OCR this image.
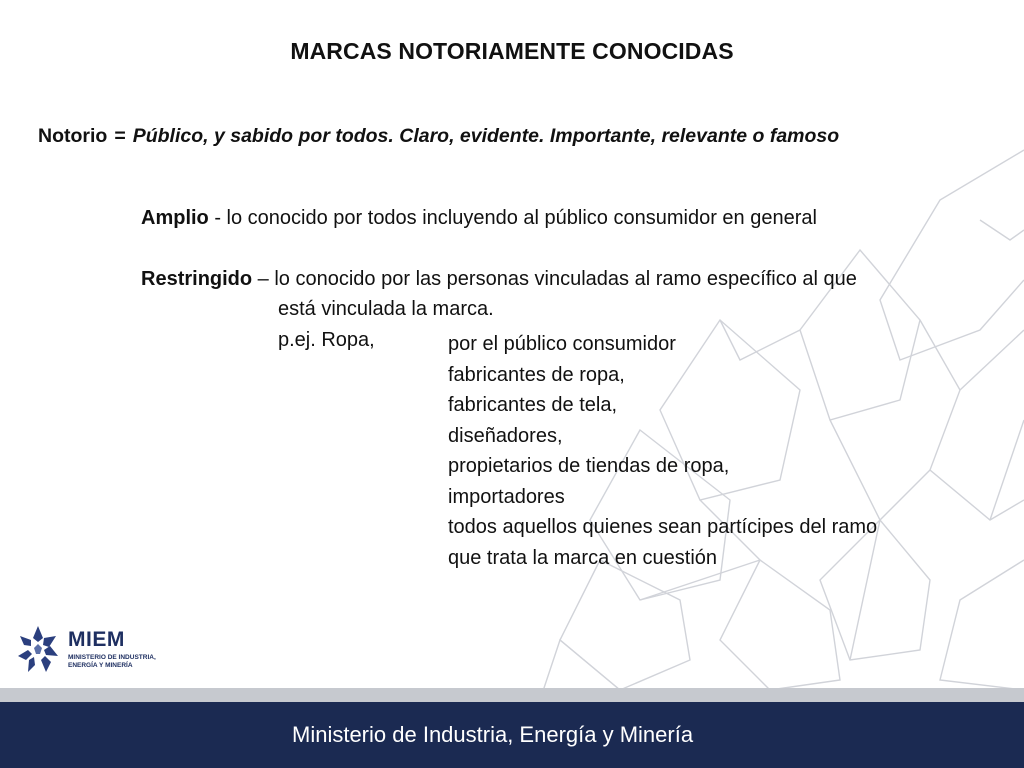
MARCAS NOTORIAMENTE CONOCIDAS
Notorio = Público, y sabido por todos. Claro, evidente. Importante, relevante o famoso
Amplio - lo conocido por todos incluyendo al público consumidor en general
Restringido – lo conocido por las personas vinculadas al ramo específico al que
está vinculada la marca.
p.ej. Ropa,	por el público consumidor
fabricantes de ropa,
fabricantes de tela,
diseñadores,
propietarios de tiendas de ropa,
importadores
todos aquellos quienes sean partícipes del ramo
que trata la marca en cuestión
MIEM
MINISTERIO DE INDUSTRIA,
ENERGÍA Y MINERÍA
Ministerio de Industria, Energía y Minería
